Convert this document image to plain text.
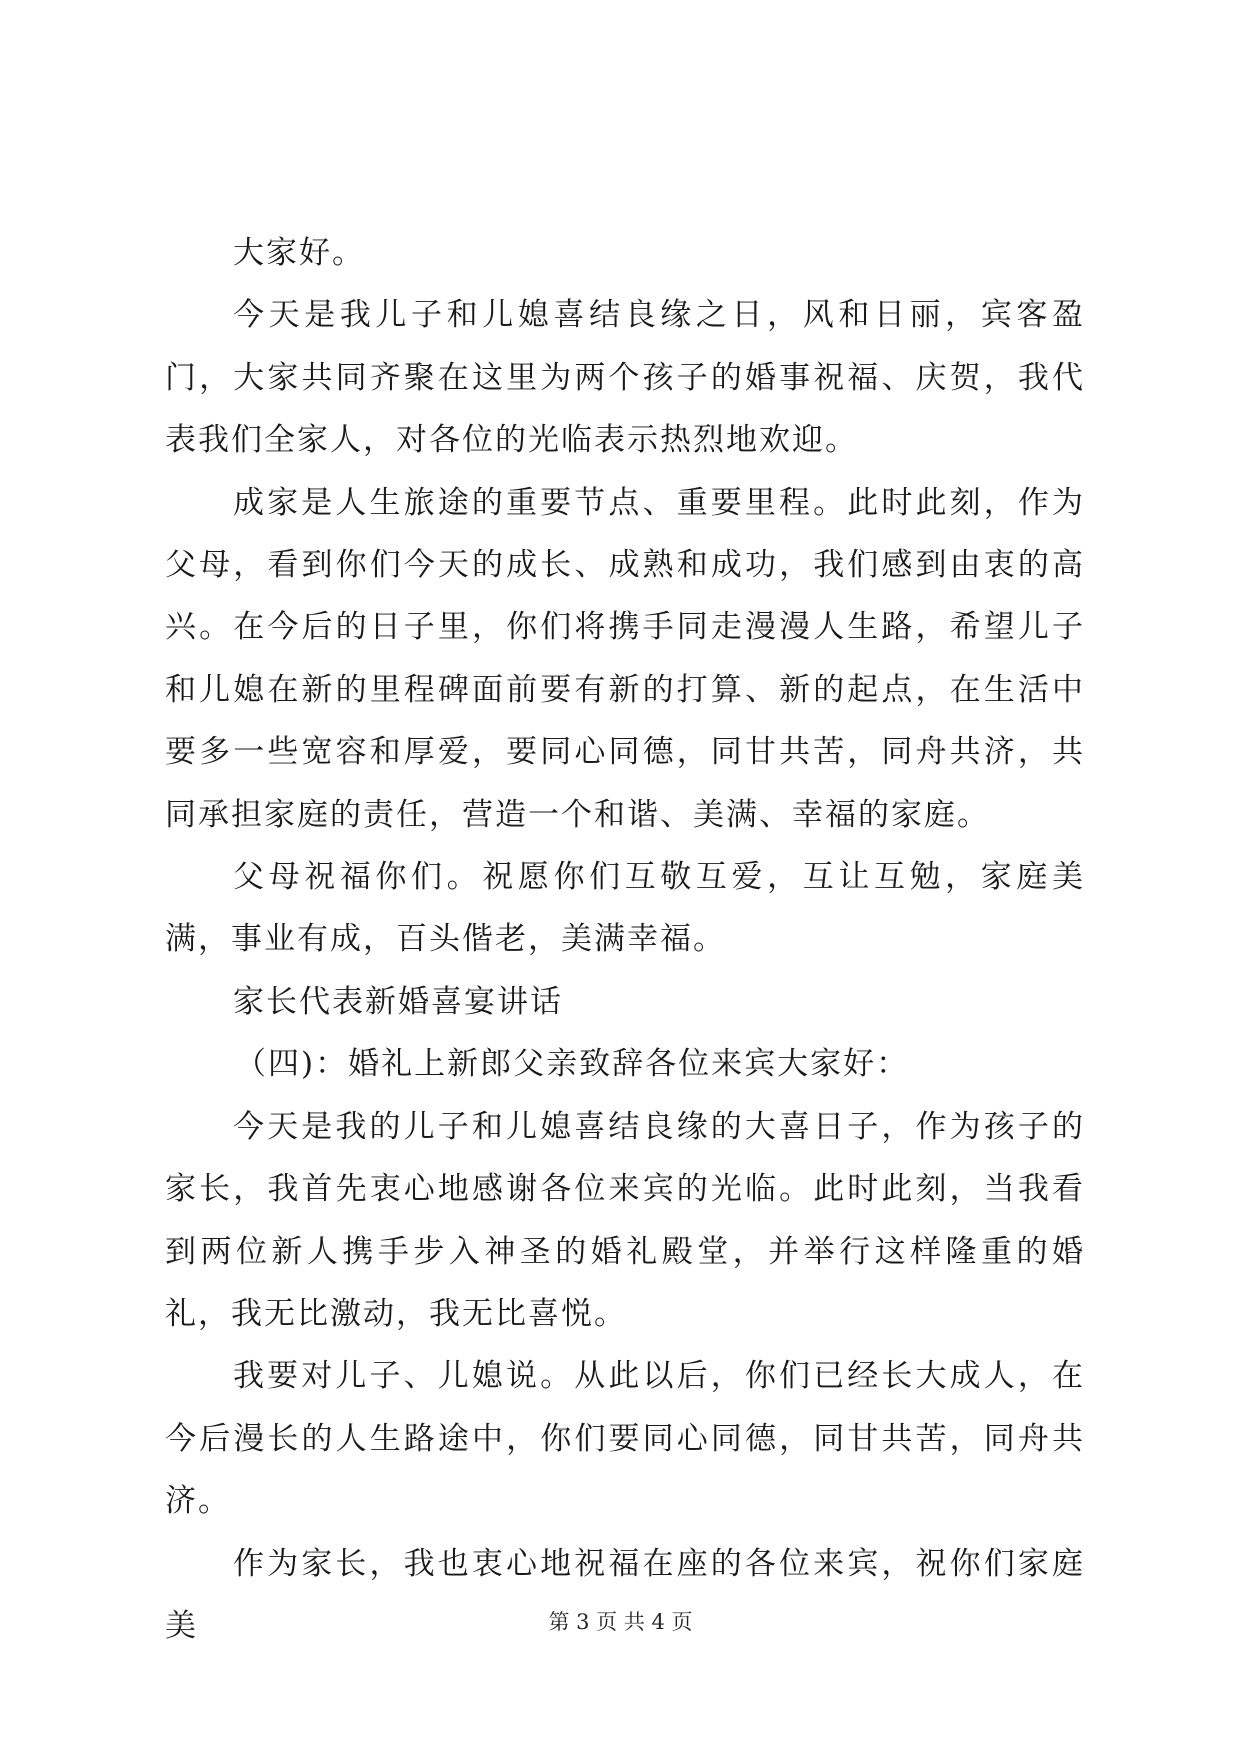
大家好。

今天是我儿子和儿媳喜结良缘之日，风和日丽，宾客盈门，大家共同齐聚在这里为两个孩子的婚事祝福、庆贺，我代表我们全家人，对各位的光临表示热烈地欢迎。

成家是人生旅途的重要节点、重要里程。此时此刻，作为父母，看到你们今天的成长、成熟和成功，我们感到由衷的高兴。在今后的日子里，你们将携手同走漫漫人生路，希望儿子和儿媳在新的里程碑面前要有新的打算、新的起点，在生活中要多一些宽容和厚爱，要同心同德，同甘共苦，同舟共济，共同承担家庭的责任，营造一个和谐、美满、幸福的家庭。

父母祝福你们。祝愿你们互敬互爱，互让互勉，家庭美满，事业有成，百头偕老，美满幸福。

家长代表新婚喜宴讲话

（四)：婚礼上新郎父亲致辞各位来宾大家好：

今天是我的儿子和儿媳喜结良缘的大喜日子，作为孩子的家长，我首先衷心地感谢各位来宾的光临。此时此刻，当我看到两位新人携手步入神圣的婚礼殿堂，并举行这样隆重的婚礼，我无比激动，我无比喜悦。

我要对儿子、儿媳说。从此以后，你们已经长大成人，在今后漫长的人生路途中，你们要同心同德，同甘共苦，同舟共济。

作为家长，我也衷心地祝福在座的各位来宾，祝你们家庭美	第 3 页 共 4 页
